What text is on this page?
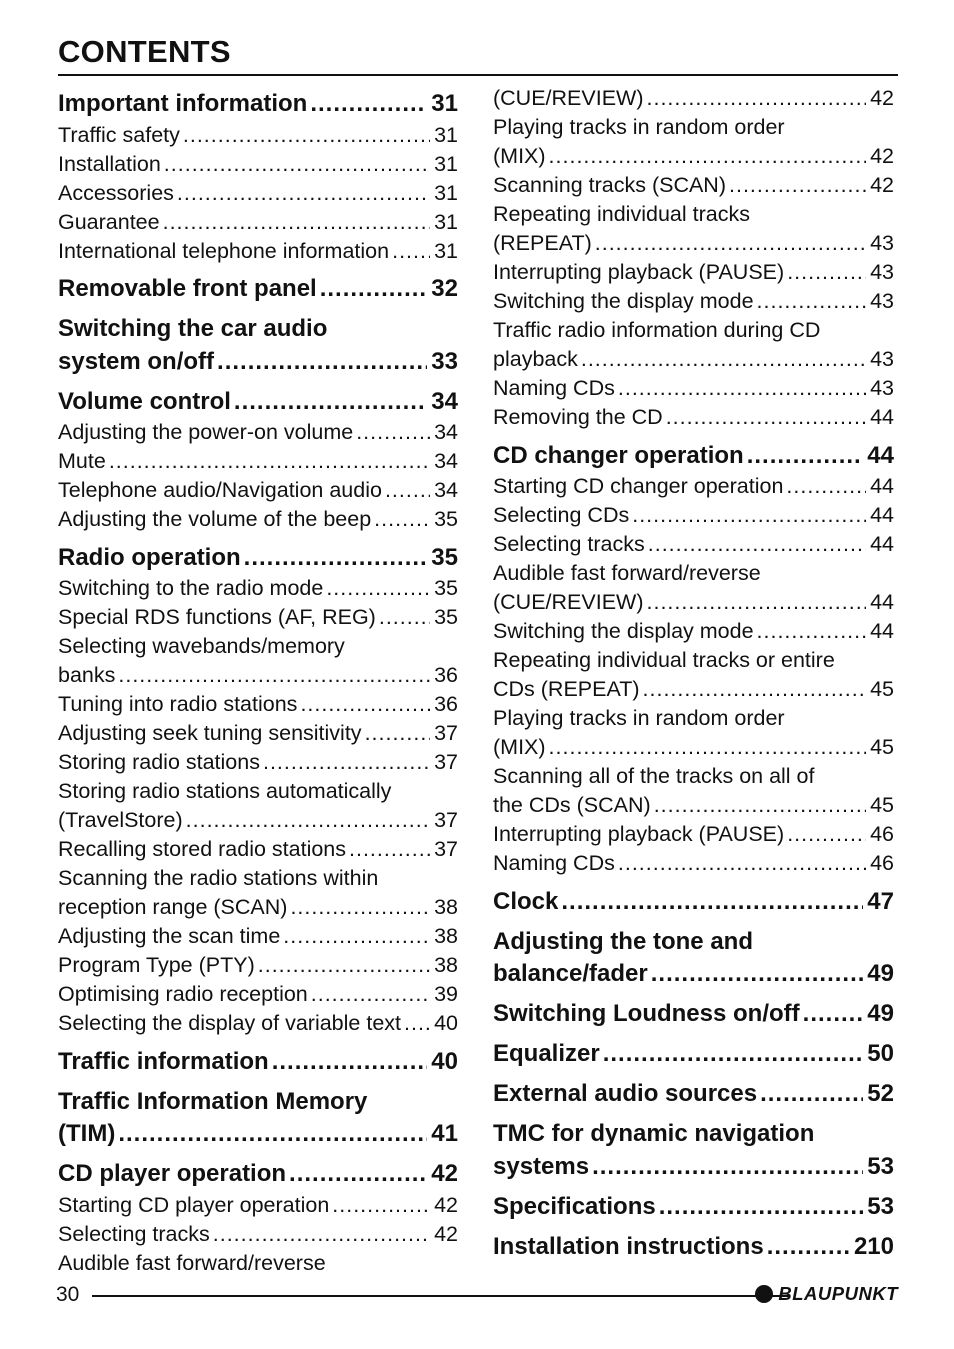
CONTENTS
Important information .....	31
Traffic safety .....	31
Installation .....	31
Accessories .....	31
Guarantee .....	31
International telephone information ..... 31
Removable front panel .....	32
Switching the car audio
system on/off .....	33
Volume control .....	34
Adjusting the power-on volume .....	34
Mute .....	34
Telephone audio/Navigation audio ..... 34
Adjusting the volume of the beep .....	35
Radio operation .....	35
Switching to the radio mode .....	35
Special RDS functions (AF, REG) .....	35
Selecting wavebands/memory
banks .....	36
Tuning into radio stations .....	36
Adjusting seek tuning sensitivity .....	37
Storing radio stations .....	37
Storing radio stations automatically
(TravelStore) .....	37
Recalling stored radio stations .....	37
Scanning the radio stations within
reception range (SCAN) .....	38
Adjusting the scan time .....	38
Program Type (PTY) .....	38
Optimising radio reception .....	39
Selecting the display of variable text ..... 40
Traffic information .....	40
Traffic Information Memory
(TIM) .....	41
CD player operation .....	42
Starting CD player operation .....	42
Selecting tracks .....	42
Audible fast forward/reverse
(CUE/REVIEW) .....	42
Playing tracks in random order
(MIX) .....	42
Scanning tracks (SCAN) .....	42
Repeating individual tracks
(REPEAT) .....	43
Interrupting playback (PAUSE) .....	43
Switching the display mode .....	43
Traffic radio information during CD
playback .....	43
Naming CDs .....	43
Removing the CD .....	44
CD changer operation .....	44
Starting CD changer operation .....	44
Selecting CDs .....	44
Selecting tracks .....	44
Audible fast forward/reverse
(CUE/REVIEW) .....	44
Switching the display mode .....	44
Repeating individual tracks or entire
CDs (REPEAT) .....	45
Playing tracks in random order
(MIX) .....	45
Scanning all of the tracks on all of
the CDs (SCAN) .....	45
Interrupting playback (PAUSE) .....	46
Naming CDs .....	46
Clock .....	47
Adjusting the tone and
balance/fader .....	49
Switching Loudness on/off .....	49
Equalizer .....	50
External audio sources .....	52
TMC for dynamic navigation
systems .....	53
Specifications .....	53
Installation instructions .....	210
30	BLAUPUNKT
